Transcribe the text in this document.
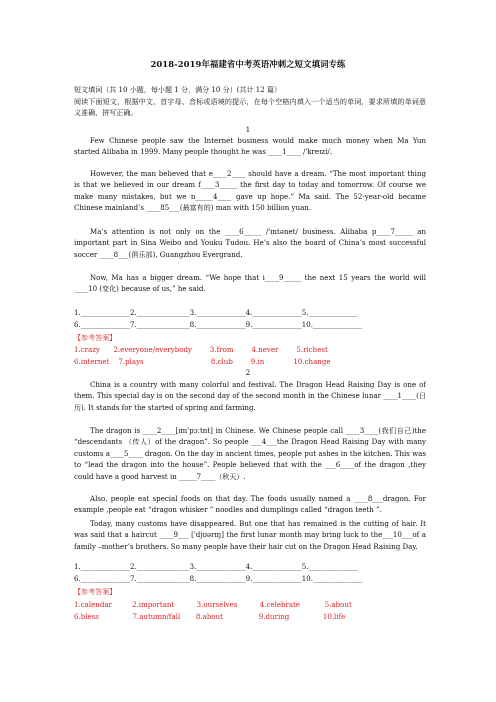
2018-2019年福建省中考英语冲刺之短文填词专练

短文填词（共 10 小题，每小题 1 分，满分 10 分）(共计 12 篇）

阅读下面短文，根据中文、首字母、音标或语境的提示，在每个空格内填入一个适当的单词，要求所填的单词意义准确，拼写正确。

1

Few Chinese people saw the Internet business would make much money when Ma Yun started Alibaba in 1999. Many people thought he was ____1____ /'kreɪzi/.

However, the man believed that e____2____ should have a dream. “The most important thing is that we believed in our dream f____3_____ the first day to today and tomorrow. Of course we make many mistakes, but we n_____4____ gave up hope.” Ma said. The 52-year-old became Chinese mainland’s ____85___(最富有的) man with 150 billion yuan.

Ma’s attention is not only on the ____6_____ /'ɪntənet/ business. Alibaba p____7_____ an important part in Sina Weibo and Youku Tudou. He’s also the board of China’s most successful soccer ____8___(俱乐部), Guangzhou Evergrand.

Now, Ma has a bigger dream. “We hope that i____9_____ the next 15 years the world will ____10 (变化) because of us,” he said.

1.______________2._______________3.______________4.______________5.______________
6.______________7._______________8.______________9.______________10.______________
【参考答案】
1.crazy      2.everyone/everybody        3.from        4.never        5.richest
6.internet    7.plays                              8.club        9.in             10.change
2

China is a country with many colorful and festival. The Dragon Head Raising Day is one of them. This special day is on the second day of the second month in the Chinese lunar ____1____(日历). It stands for the started of spring and farming.

The dragon is ____2____[ɪm'pɔːtnt] in Chinese. We Chinese people call ____3____(我们自己)the “descendants （传人）of the dragon”. So people ___4___the Dragon Head Raising Day with many customs a____5____ dragon. On the day in ancient times, people put ashes in the kitchen. This was to “lead the dragon into the house”. People believed that with the ___6____of the dragon ,they could have a good harvest in _____7____（秋天）.

Also, people eat special foods on that day. The foods usually named a ____8___dragon. For example ,people eat “dragon whisker ” noodles and dumplings called “dragon teeth ”.

Today, many customs have disappeared. But one that has remained is the cutting of hair. It was said that a haircut ____9___ ['djʊərɪŋ] the first lunar month may bring luck to the___10___of a family –mother’s brothers. So many people have their hair cut on the Dragon Head Raising Day.

1.______________2._______________3.______________4.______________5.______________
6.______________7._______________8.______________9.______________10.______________
【参考答案】
1.calendar         2.important          3.ourselves          4.celebrate           5.about
6.bless               7.autumn/fall       8.about                9.during               10.life
